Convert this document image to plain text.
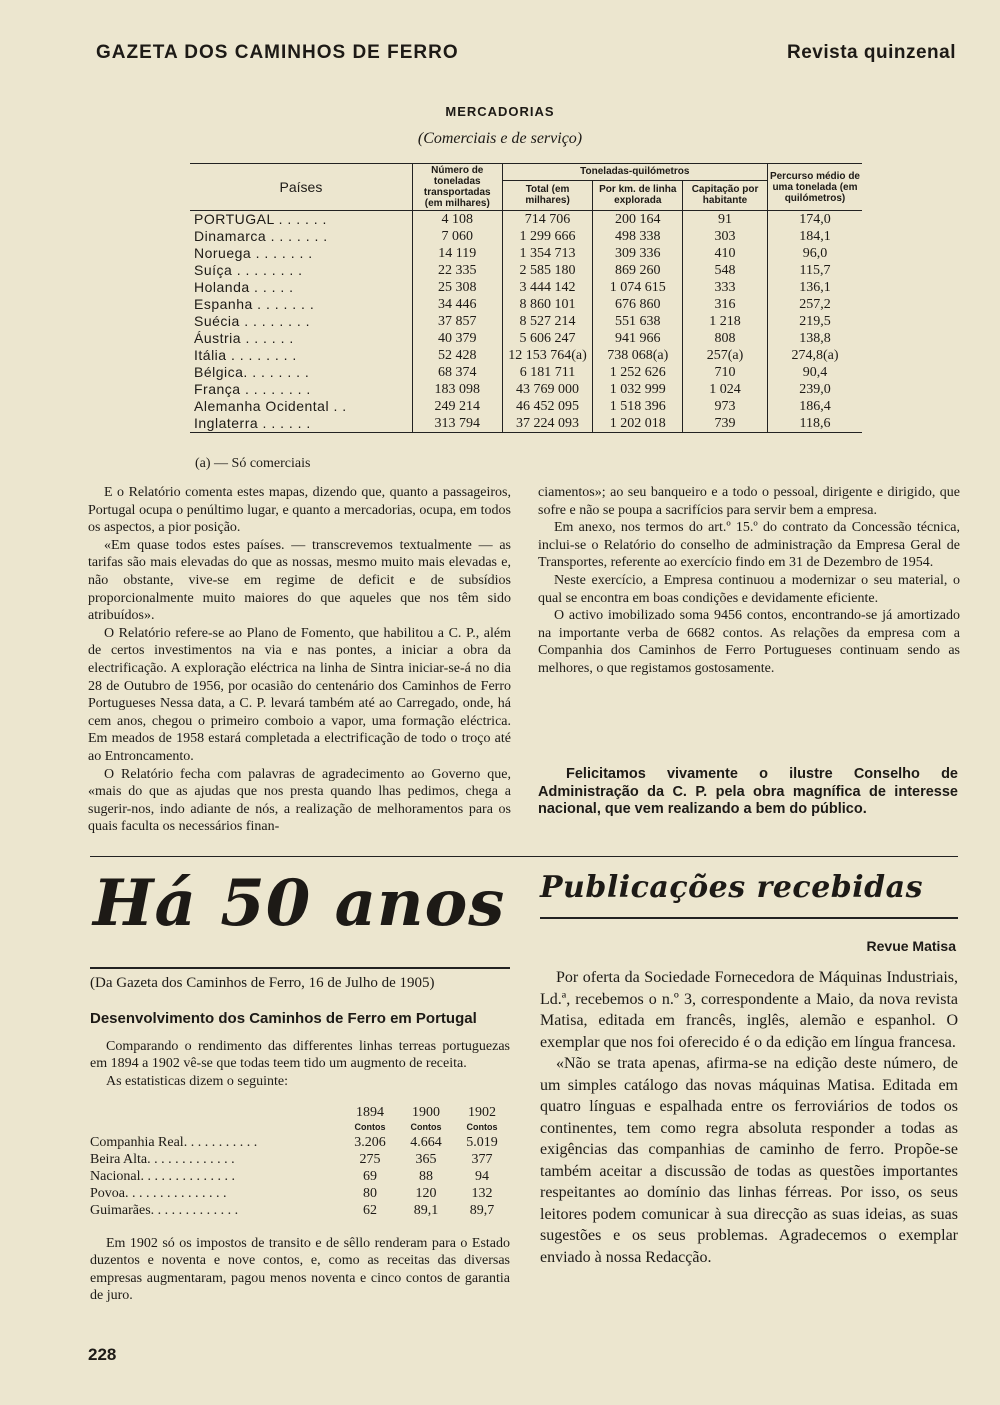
GAZETA DOS CAMINHOS DE FERRO	Revista quinzenal
MERCADORIAS
(Comerciais e de serviço)
Países	Número de toneladas transportadas (em milhares)	Toneladas-quilómetros			Percurso médio de uma tonelada (em quilómetros)
		Total (em milhares)	Por km. de linha explorada	Capitação por habitante	
PORTUGAL . . . . . .	4 108	714 706	200 164	91	174,0
Dinamarca . . . . . . .	7 060	1 299 666	498 338	303	184,1
Noruega . . . . . . .	14 119	1 354 713	309 336	410	96,0
Suíça . . . . . . . .	22 335	2 585 180	869 260	548	115,7
Holanda . . . . .	25 308	3 444 142	1 074 615	333	136,1
Espanha . . . . . . .	34 446	8 860 101	676 860	316	257,2
Suécia . . . . . . . .	37 857	8 527 214	551 638	1 218	219,5
Áustria . . . . . .	40 379	5 606 247	941 966	808	138,8
Itália . . . . . . . .	52 428	12 153 764(a)	738 068(a)	257(a)	274,8(a)
Bélgica. . . . . . . .	68 374	6 181 711	1 252 626	710	90,4
França . . . . . . . .	183 098	43 769 000	1 032 999	1 024	239,0
Alemanha Ocidental . .	249 214	46 452 095	1 518 396	973	186,4
Inglaterra . . . . . .	313 794	37 224 093	1 202 018	739	118,6
(a) — Só comerciais

E o Relatório comenta estes mapas, dizendo que, quanto a passageiros, Portugal ocupa o penúltimo lugar, e quanto a mercadorias, ocupa, em todos os aspectos, a pior posição.

«Em quase todos estes países. — transcrevemos textualmente — as tarifas são mais elevadas do que as nossas, mesmo muito mais elevadas e, não obstante, vive-se em regime de deficit e de subsídios proporcionalmente muito maiores do que aqueles que nos têm sido atribuídos».

O Relatório refere-se ao Plano de Fomento, que habilitou a C. P., além de certos investimentos na via e nas pontes, a iniciar a obra da electrificação. A exploração eléctrica na linha de Sintra iniciar-se-á no dia 28 de Outubro de 1956, por ocasião do centenário dos Caminhos de Ferro Portugueses Nessa data, a C. P. levará também até ao Carregado, onde, há cem anos, chegou o primeiro comboio a vapor, uma formação eléctrica. Em meados de 1958 estará completada a electrificação de todo o troço até ao Entroncamento.

O Relatório fecha com palavras de agradecimento ao Governo que, «mais do que as ajudas que nos presta quando lhas pedimos, chega a sugerir-nos, indo adiante de nós, a realização de melhoramentos para os quais faculta os necessários finan-

ciamentos»; ao seu banqueiro e a todo o pessoal, dirigente e dirigido, que sofre e não se poupa a sacrifícios para servir bem a empresa.

Em anexo, nos termos do art.º 15.º do contrato da Concessão técnica, inclui-se o Relatório do conselho de administração da Empresa Geral de Transportes, referente ao exercício findo em 31 de Dezembro de 1954.

Neste exercício, a Empresa continuou a modernizar o seu material, o qual se encontra em boas condições e devidamente eficiente.

O activo imobilizado soma 9456 contos, encontrando-se já amortizado na importante verba de 6682 contos. As relações da empresa com a Companhia dos Caminhos de Ferro Portugueses continuam sendo as melhores, o que registamos gostosamente.

Felicitamos vivamente o ilustre Conselho de Administração da C. P. pela obra magnífica de interesse nacional, que vem realizando a bem do público.
Há 50 anos Publicações recebidas
Revue Matisa
(Da Gazeta dos Caminhos de Ferro, 16 de Julho de 1905)
Desenvolvimento dos Caminhos de Ferro em Portugal

Comparando o rendimento das differentes linhas terreas portuguezas em 1894 a 1902 vê-se que todas teem tido um augmento de receita.

As estatisticas dizem o seguinte:

	1894	1900	1902
	Contos	Contos	Contos
Companhia Real. . . . . . . . . . .	3.206	4.664	5.019
Beira Alta. . . . . . . . . . . . .	275	365	377
Nacional. . . . . . . . . . . . . .	69	88	94
Povoa. . . . . . . . . . . . . . .	80	120	132
Guimarães. . . . . . . . . . . . .	62	89,1	89,7

Em 1902 só os impostos de transito e de sêllo renderam para o Estado duzentos e noventa e nove contos, e, como as receitas das diversas empresas augmentaram, pagou menos noventa e cinco contos de garantia de juro.

Por oferta da Sociedade Fornecedora de Máquinas Industriais, Ld.ª, recebemos o n.º 3, correspondente a Maio, da nova revista Matisa, editada em francês, inglês, alemão e espanhol. O exemplar que nos foi oferecido é o da edição em língua francesa.

«Não se trata apenas, afirma-se na edição deste número, de um simples catálogo das novas máquinas Matisa. Editada em quatro línguas e espalhada entre os ferroviários de todos os continentes, tem como regra absoluta responder a todas as exigências das companhias de caminho de ferro. Propõe-se também aceitar a discussão de todas as questões importantes respeitantes ao domínio das linhas férreas. Por isso, os seus leitores podem comunicar à sua direcção as suas ideias, as suas sugestões e os seus problemas. Agradecemos o exemplar enviado à nossa Redacção.

228
